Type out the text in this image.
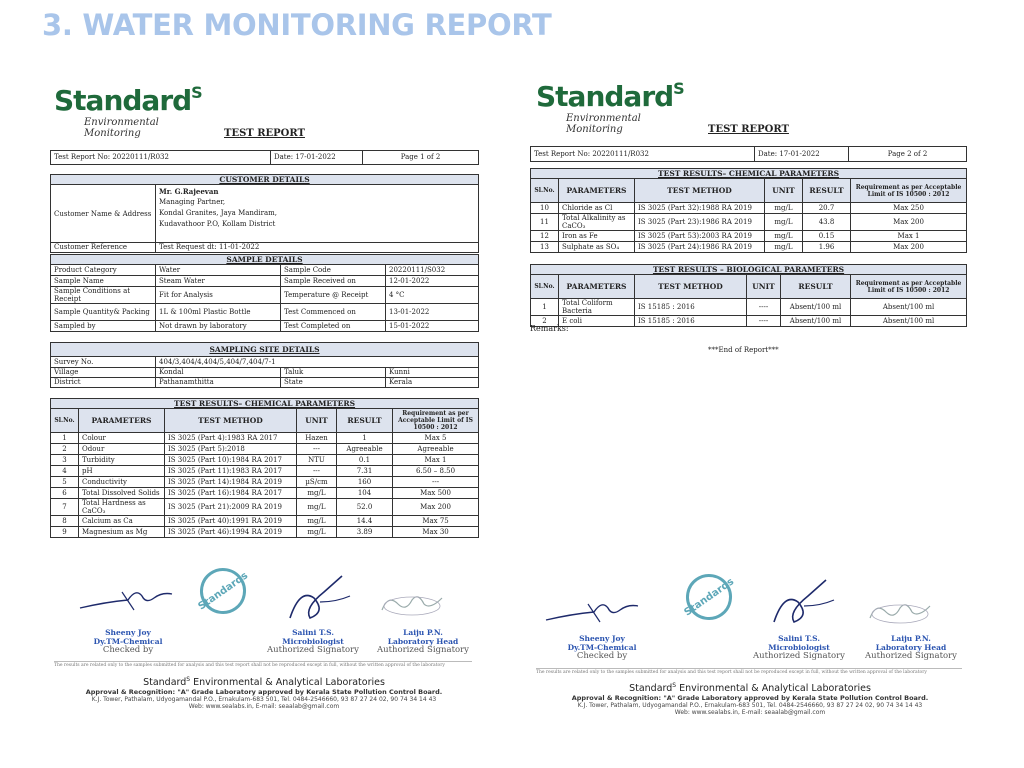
3. WATER MONITORING REPORT
Standard$^S$
Environmental Monitoring	TEST REPORT
Test Report No: 20220111/R032	Date: 17-01-2022	Page 1 of 2
CUSTOMER DETAILS	
Customer Name & Address	Mr. G.Rajeevan
Managing Partner,
Kondal Granites, Jaya Mandiram,
Kudavathoor P.O, Kollam District

Customer Reference	Test Request dt: 11-01-2022
SAMPLE DETAILS			
Product Category	Water	Sample Code	20220111/S032
Sample Name	Steam Water	Sample Received on	12-01-2022
Sample Conditions at Receipt	Fit for Analysis	Temperature @ Receipt	4 °C
Sample Quantity& Packing	1L & 100ml Plastic Bottle	Test Commenced on	13-01-2022
Sampled by	Not drawn by laboratory	Test Completed on	15-01-2022
SAMPLING SITE DETAILS			
Survey No.	404/3,404/4,404/5,404/7,404/7-1		
Village	Kondal	Taluk	Kunni
District	Pathanamthitta	State	Kerala
TEST RESULTS– CHEMICAL PARAMETERS					
Sl.No.	PARAMETERS	TEST METHOD	UNIT	RESULT	Requirement as per Acceptable Limit of IS 10500 : 2012
1	Colour	IS 3025 (Part 4):1983 RA 2017	Hazen	1	Max 5
2	Odour	IS 3025 (Part 5):2018	---	Agreeable	Agreeable
3	Turbidity	IS 3025 (Part 10):1984 RA 2017	NTU	0.1	Max 1
4	pH	IS 3025 (Part 11):1983 RA 2017	---	7.31	6.50 – 8.50
5	Conductivity	IS 3025 (Part 14):1984 RA 2019	µS/cm	160	---
6	Total Dissolved Solids	IS 3025 (Part 16):1984 RA 2017	mg/L	104	Max 500
7	Total Hardness as CaCO₃	IS 3025 (Part 21):2009 RA 2019	mg/L	52.0	Max 200
8	Calcium as Ca	IS 3025 (Part 40):1991 RA 2019	mg/L	14.4	Max 75
9	Magnesium as Mg	IS 3025 (Part 46):1994 RA 2019	mg/L	3.89	Max 30
Standards
Sheeny Joy
Dy.TM-Chemical
Checked by
Salini T.S.
Microbiologist
Authorized Signatory
Laiju P.N.
Laboratory Head
Authorized Signatory
The results are related only to the samples submitted for analysis and this test report shall not be reproduced except in full, without the written approval of the laboratory
Standard$^S$ Environmental & Analytical Laboratories
Approval & Recognition: "A" Grade Laboratory approved by Kerala State Pollution Control Board.
K.J. Tower, Pathalam, Udyogamandal P.O., Ernakulam-683 501, Tel. 0484-2546660, 93 87 27 24 02, 90 74 34 14 43
Web: www.sealabs.in, E-mail: seaalab@gmail.com
Standard$^S$
Environmental Monitoring	TEST REPORT
Test Report No: 20220111/R032	Date: 17-01-2022	Page 2 of 2
TEST RESULTS– CHEMICAL PARAMETERS					
Sl.No.	PARAMETERS	TEST METHOD	UNIT	RESULT	Requirement as per Acceptable Limit of IS 10500 : 2012
10	Chloride as Cl	IS 3025 (Part 32):1988 RA 2019	mg/L	20.7	Max 250
11	Total Alkalinity as CaCO₃	IS 3025 (Part 23):1986 RA 2019	mg/L	43.8	Max 200
12	Iron as Fe	IS 3025 (Part 53):2003 RA 2019	mg/L	0.15	Max 1
13	Sulphate as SO₄	IS 3025 (Part 24):1986 RA 2019	mg/L	1.96	Max 200
TEST RESULTS – BIOLOGICAL PARAMETERS					
Sl.No.	PARAMETERS	TEST METHOD	UNIT	RESULT	Requirement as per Acceptable Limit of IS 10500 : 2012
1	Total Coliform Bacteria	IS 15185 : 2016	----	Absent/100 ml	Absent/100 ml
2	E coli	IS 15185 : 2016	----	Absent/100 ml	Absent/100 ml
Remarks:
***End of Report***
Standards
Sheeny Joy
Dy.TM-Chemical
Checked by
Salini T.S.
Microbiologist
Authorized Signatory
Laiju P.N.
Laboratory Head
Authorized Signatory
The results are related only to the samples submitted for analysis and this test report shall not be reproduced except in full, without the written approval of the laboratory
Standard$^S$ Environmental & Analytical Laboratories
Approval & Recognition: "A" Grade Laboratory approved by Kerala State Pollution Control Board.
K.J. Tower, Pathalam, Udyogamandal P.O., Ernakulam-683 501, Tel. 0484-2546660, 93 87 27 24 02, 90 74 34 14 43
Web: www.sealabs.in, E-mail: seaalab@gmail.com
